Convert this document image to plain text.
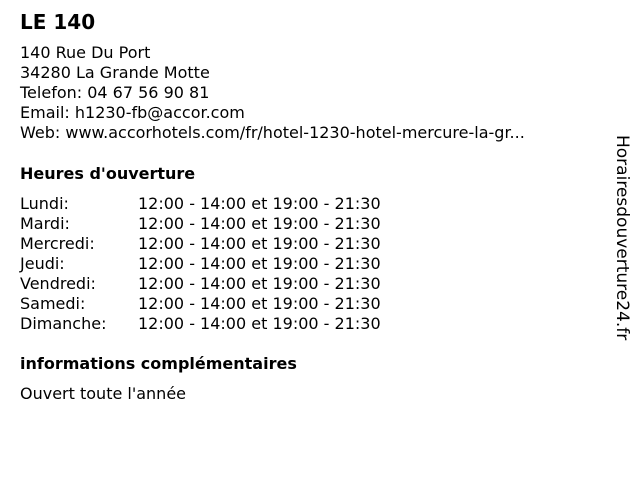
LE 140
140 Rue Du Port
34280 La Grande Motte
Telefon: 04 67 56 90 81
Email: h1230-fb@accor.com
Web: www.accorhotels.com/fr/hotel-1230-hotel-mercure-la-gr...
Heures d'ouverture
Lundi:	12:00 - 14:00 et 19:00 - 21:30
Mardi:	12:00 - 14:00 et 19:00 - 21:30
Mercredi:	12:00 - 14:00 et 19:00 - 21:30
Jeudi:	12:00 - 14:00 et 19:00 - 21:30
Vendredi:	12:00 - 14:00 et 19:00 - 21:30
Samedi:	12:00 - 14:00 et 19:00 - 21:30
Dimanche:	12:00 - 14:00 et 19:00 - 21:30
informations complémentaires
Ouvert toute l'année
Horairesdouverture24.fr
